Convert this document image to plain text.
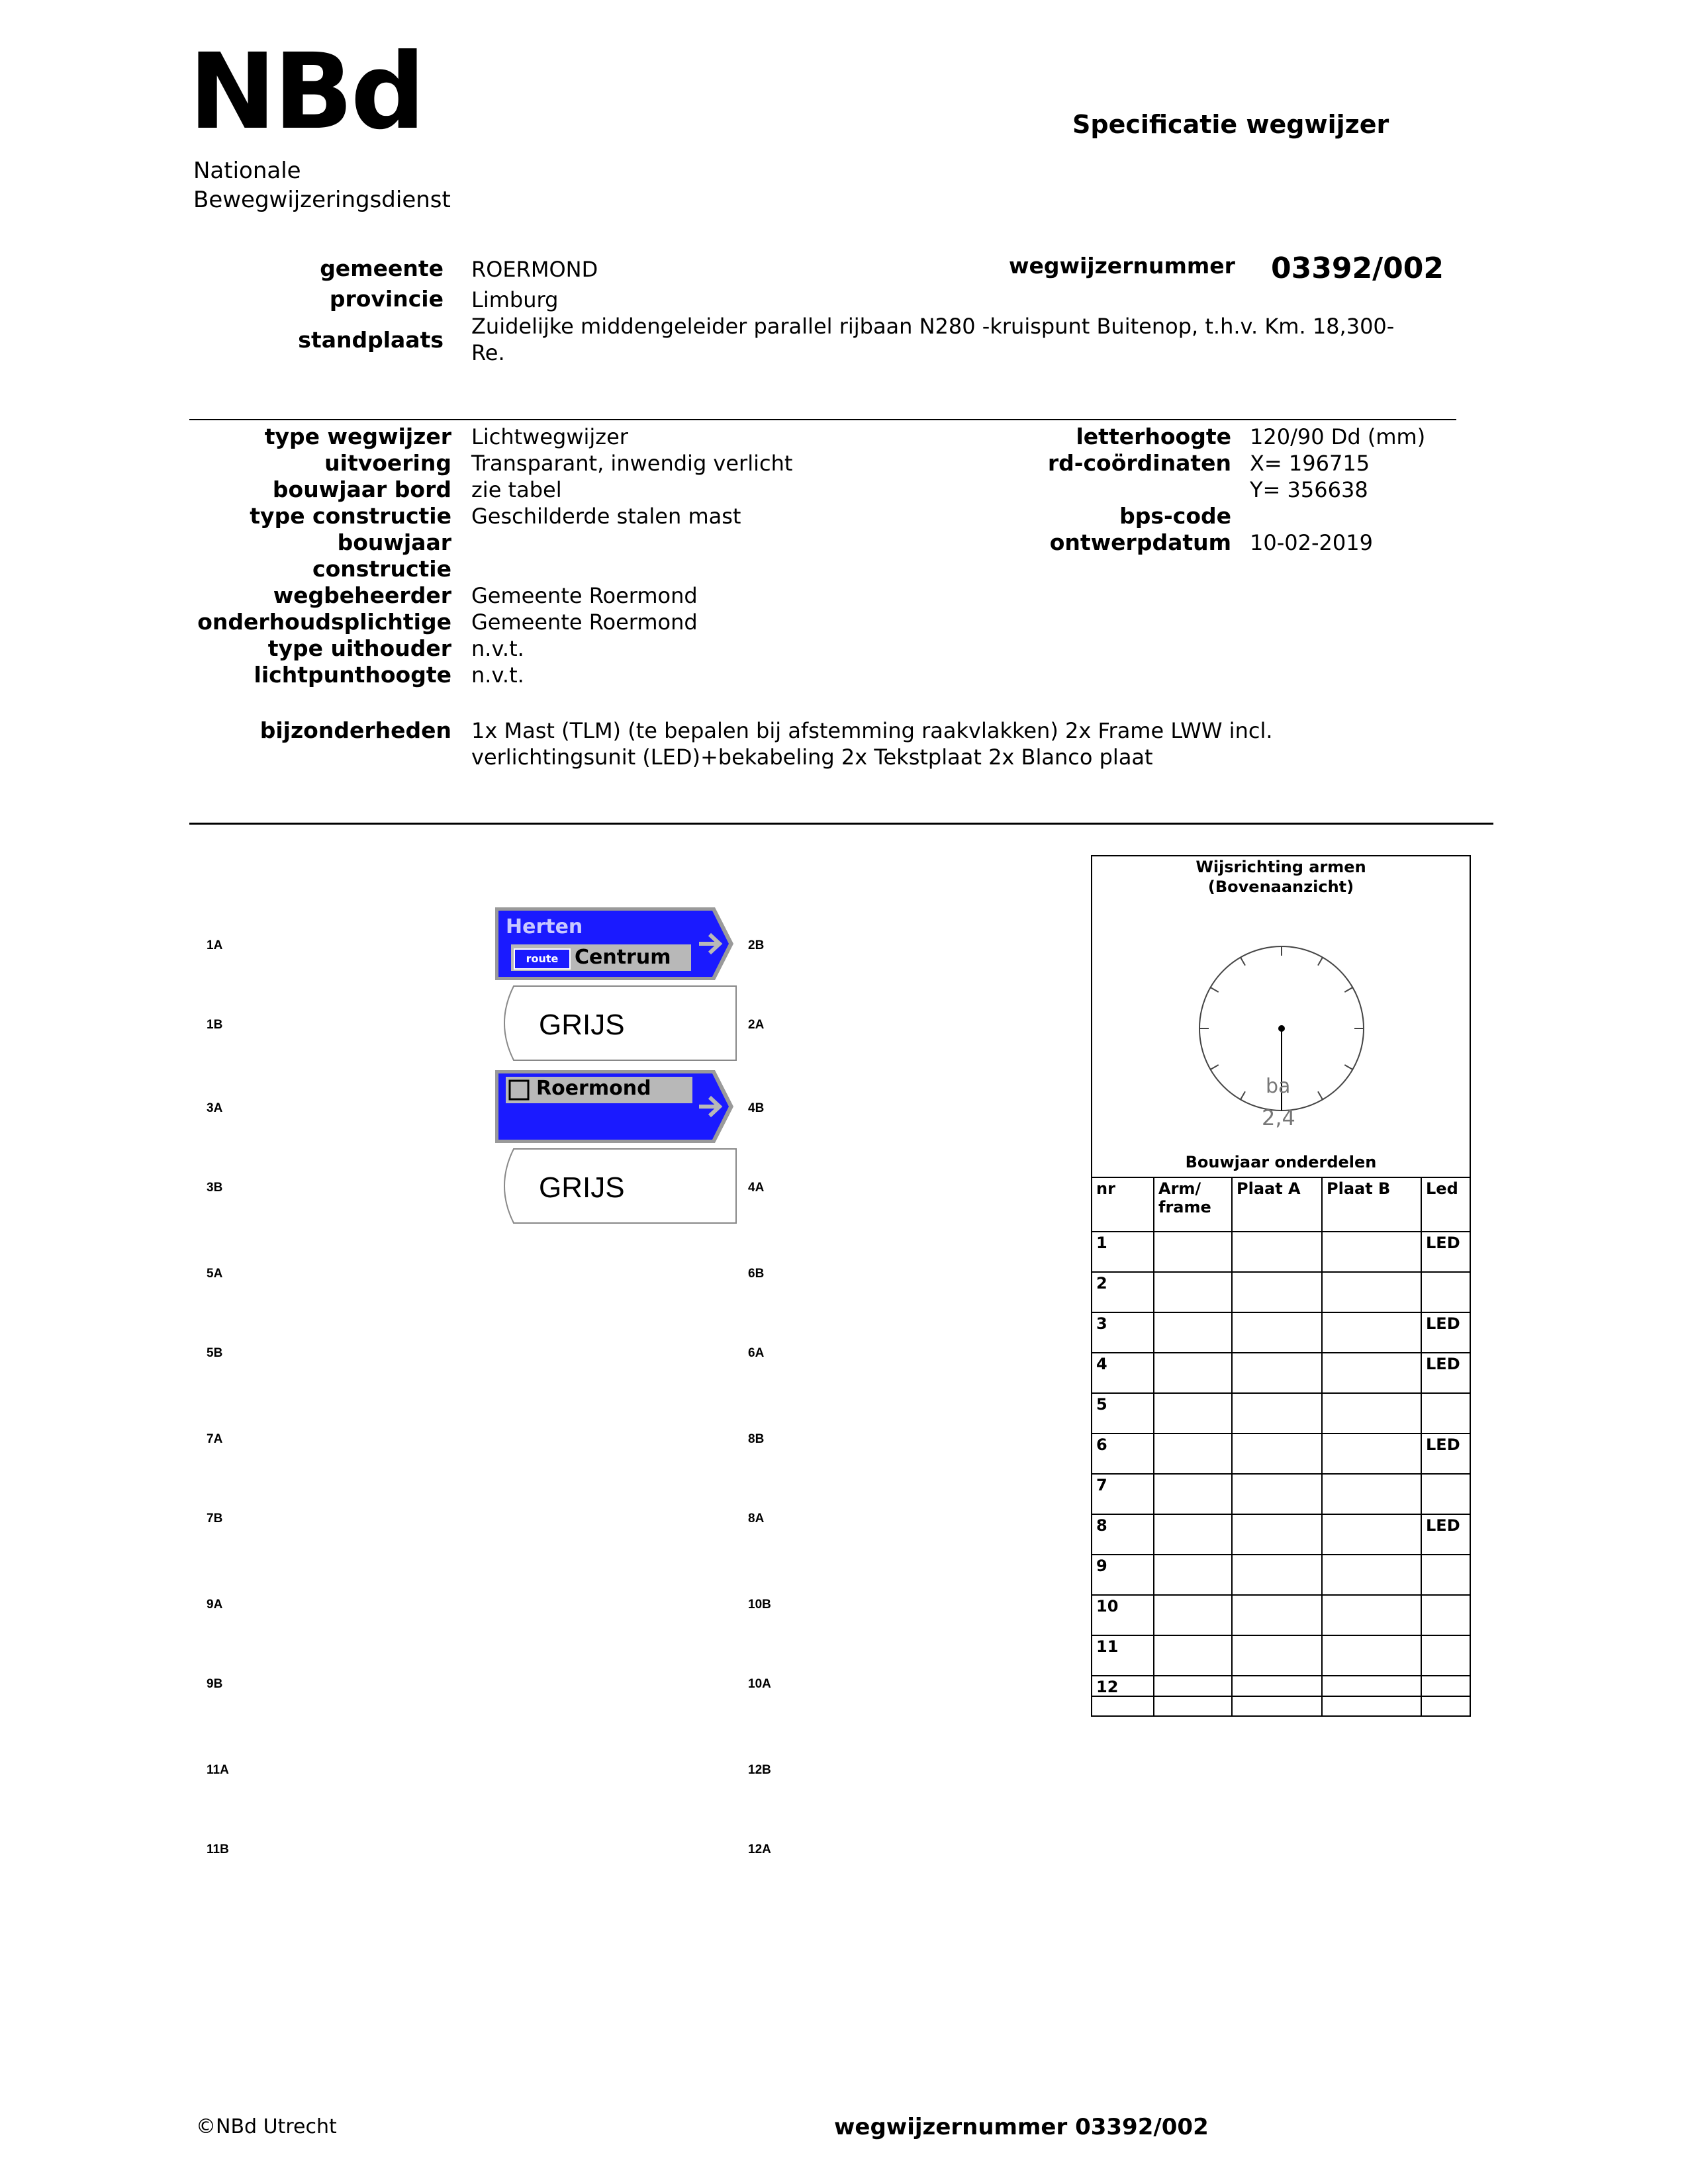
NBd
Nationale
Bewegwijzeringsdienst
Specificatie wegwijzer
gemeente ROERMOND
provincie Limburg
standplaats
Zuidelijke middengeleider parallel rijbaan N280 -kruispunt Buitenop, t.h.v. Km. 18,300-
Re.
wegwijzernummer 03392/002
type wegwijzer Lichtwegwijzer
uitvoering Transparant, inwendig verlicht
bouwjaar bord zie tabel
type constructie Geschilderde stalen mast
bouwjaar
constructie
wegbeheerder Gemeente Roermond
onderhoudsplichtige Gemeente Roermond
type uithouder n.v.t.
lichtpunthoogte n.v.t.
letterhoogte 120/90 Dd (mm)
rd-coördinaten X= 196715
Y= 356638
bps-code
ontwerpdatum 10-02-2019
bijzonderheden 1x Mast (TLM) (te bepalen bij afstemming raakvlakken) 2x Frame LWW incl.
verlichtingsunit (LED)+bekabeling 2x Tekstplaat 2x Blanco plaat
Herten
route Centrum
GRIJS
Roermond
GRIJS
Wijsrichting armen
(Bovenaanzicht)
ba
2,4
Bouwjaar onderdelen
nr	Arm/ frame	Plaat A	Plaat B	Led
1				LED
2				
3				LED
4				LED
5				
6				LED
7				
8				LED
9				
10				
11				
12				
©NBd Utrecht	wegwijzernummer 03392/002
1A
1B
3A
3B
5A
5B
7A
7B
9A
9B
11A
11B
2B
2A
4B
4A
6B
6A
8B
8A
10B
10A
12B
12A
